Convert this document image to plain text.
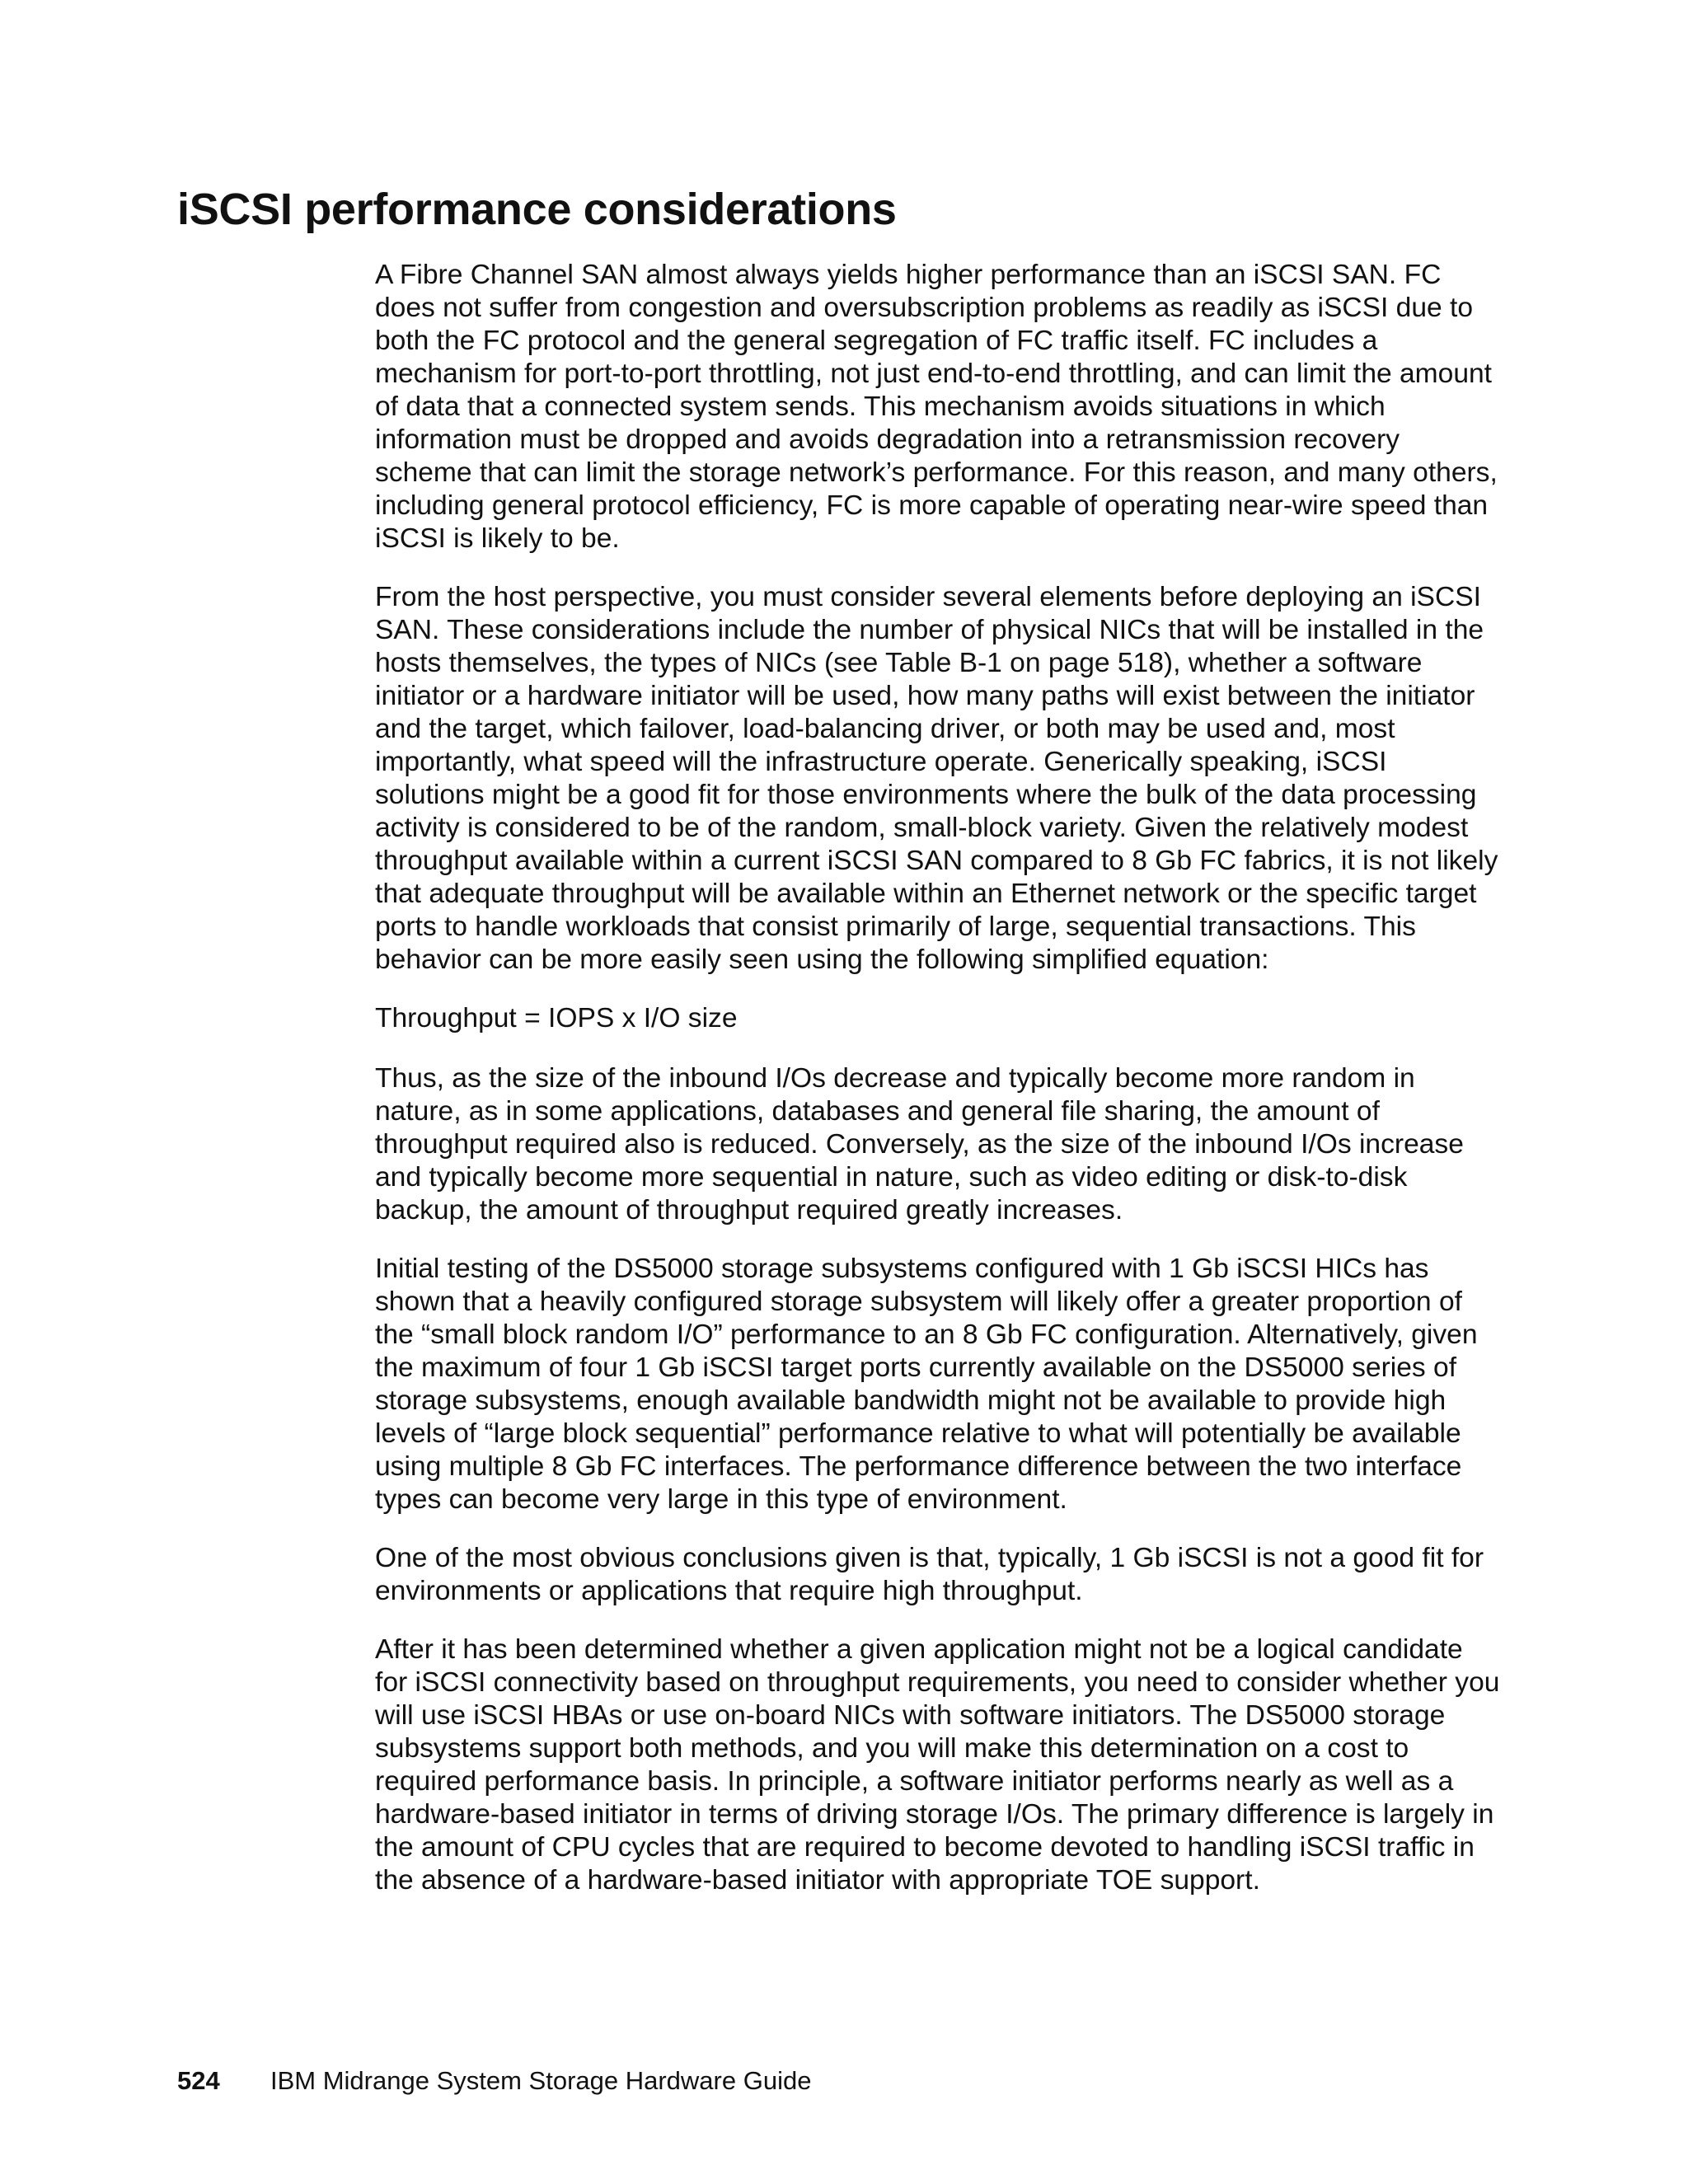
iSCSI performance considerations

A Fibre Channel SAN almost always yields higher performance than an iSCSI SAN. FC does not suffer from congestion and oversubscription problems as readily as iSCSI due to both the FC protocol and the general segregation of FC traffic itself. FC includes a mechanism for port-to-port throttling, not just end-to-end throttling, and can limit the amount of data that a connected system sends. This mechanism avoids situations in which information must be dropped and avoids degradation into a retransmission recovery scheme that can limit the storage network’s performance. For this reason, and many others, including general protocol efficiency, FC is more capable of operating near-wire speed than iSCSI is likely to be.

From the host perspective, you must consider several elements before deploying an iSCSI SAN. These considerations include the number of physical NICs that will be installed in the hosts themselves, the types of NICs (see Table B-1 on page 518), whether a software initiator or a hardware initiator will be used, how many paths will exist between the initiator and the target, which failover, load-balancing driver, or both may be used and, most importantly, what speed will the infrastructure operate. Generically speaking, iSCSI solutions might be a good fit for those environments where the bulk of the data processing activity is considered to be of the random, small-block variety. Given the relatively modest throughput available within a current iSCSI SAN compared to 8 Gb FC fabrics, it is not likely that adequate throughput will be available within an Ethernet network or the specific target ports to handle workloads that consist primarily of large, sequential transactions. This behavior can be more easily seen using the following simplified equation:

Throughput = IOPS x I/O size

Thus, as the size of the inbound I/Os decrease and typically become more random in nature, as in some applications, databases and general file sharing, the amount of throughput required also is reduced. Conversely, as the size of the inbound I/Os increase and typically become more sequential in nature, such as video editing or disk-to-disk backup, the amount of throughput required greatly increases.

Initial testing of the DS5000 storage subsystems configured with 1 Gb iSCSI HICs has shown that a heavily configured storage subsystem will likely offer a greater proportion of the “small block random I/O” performance to an 8 Gb FC configuration. Alternatively, given the maximum of four 1 Gb iSCSI target ports currently available on the DS5000 series of storage subsystems, enough available bandwidth might not be available to provide high levels of “large block sequential” performance relative to what will potentially be available using multiple 8 Gb FC interfaces. The performance difference between the two interface types can become very large in this type of environment.

One of the most obvious conclusions given is that, typically, 1 Gb iSCSI is not a good fit for environments or applications that require high throughput.

After it has been determined whether a given application might not be a logical candidate for iSCSI connectivity based on throughput requirements, you need to consider whether you will use iSCSI HBAs or use on-board NICs with software initiators. The DS5000 storage subsystems support both methods, and you will make this determination on a cost to required performance basis. In principle, a software initiator performs nearly as well as a hardware-based initiator in terms of driving storage I/Os. The primary difference is largely in the amount of CPU cycles that are required to become devoted to handling iSCSI traffic in the absence of a hardware-based initiator with appropriate TOE support.

524 IBM Midrange System Storage Hardware Guide
